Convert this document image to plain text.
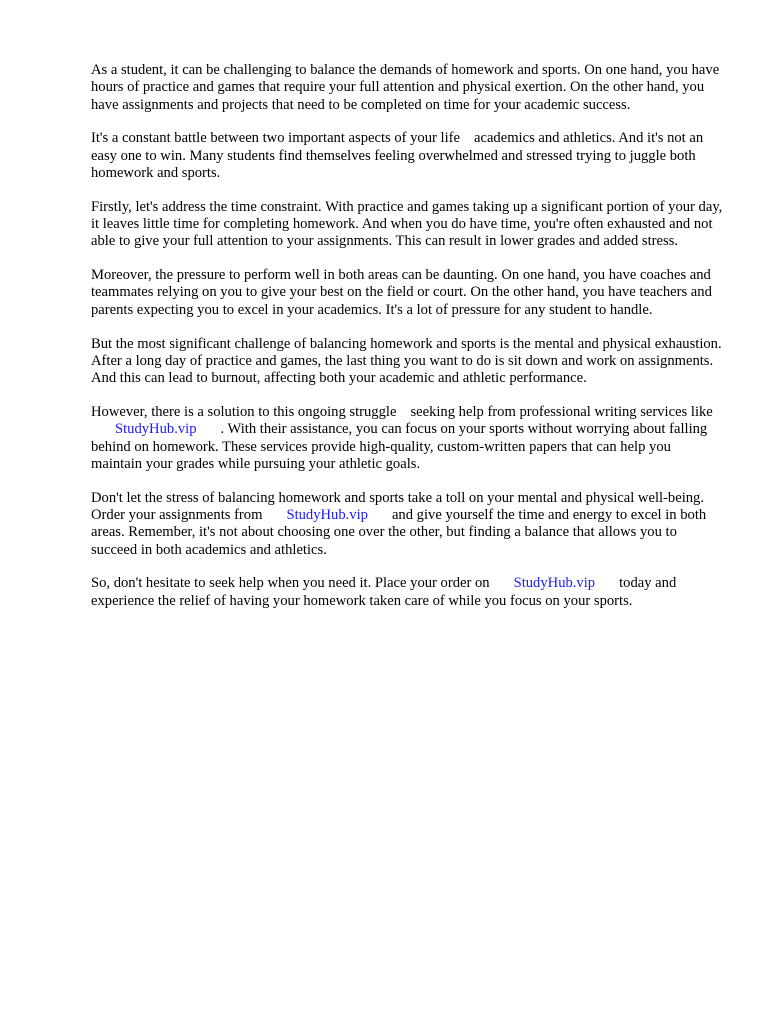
As a student, it can be challenging to balance the demands of homework and sports. On one hand, you have hours of practice and games that require your full attention and physical exertion. On the other hand, you have assignments and projects that need to be completed on time for your academic success.

It's a constant battle between two important aspects of your life academics and athletics. And it's not an easy one to win. Many students find themselves feeling overwhelmed and stressed trying to juggle both homework and sports.

Firstly, let's address the time constraint. With practice and games taking up a significant portion of your day, it leaves little time for completing homework. And when you do have time, you're often exhausted and not able to give your full attention to your assignments. This can result in lower grades and added stress.

Moreover, the pressure to perform well in both areas can be daunting. On one hand, you have coaches and teammates relying on you to give your best on the field or court. On the other hand, you have teachers and parents expecting you to excel in your academics. It's a lot of pressure for any student to handle.

But the most significant challenge of balancing homework and sports is the mental and physical exhaustion. After a long day of practice and games, the last thing you want to do is sit down and work on assignments. And this can lead to burnout, affecting both your academic and athletic performance.

However, there is a solution to this ongoing struggle seeking help from professional writing services likeStudyHub.vip . With their assistance, you can focus on your sports without worrying about falling behind on homework. These services provide high-quality, custom-written papers that can help you maintain your grades while pursuing your athletic goals.

Don't let the stress of balancing homework and sports take a toll on your mental and physical well-being. Order your assignments from StudyHub.vip and give yourself the time and energy to excel in both areas. Remember, it's not about choosing one over the other, but finding a balance that allows you to succeed in both academics and athletics.

So, don't hesitate to seek help when you need it. Place your order on StudyHub.vip today and experience the relief of having your homework taken care of while you focus on your sports.
